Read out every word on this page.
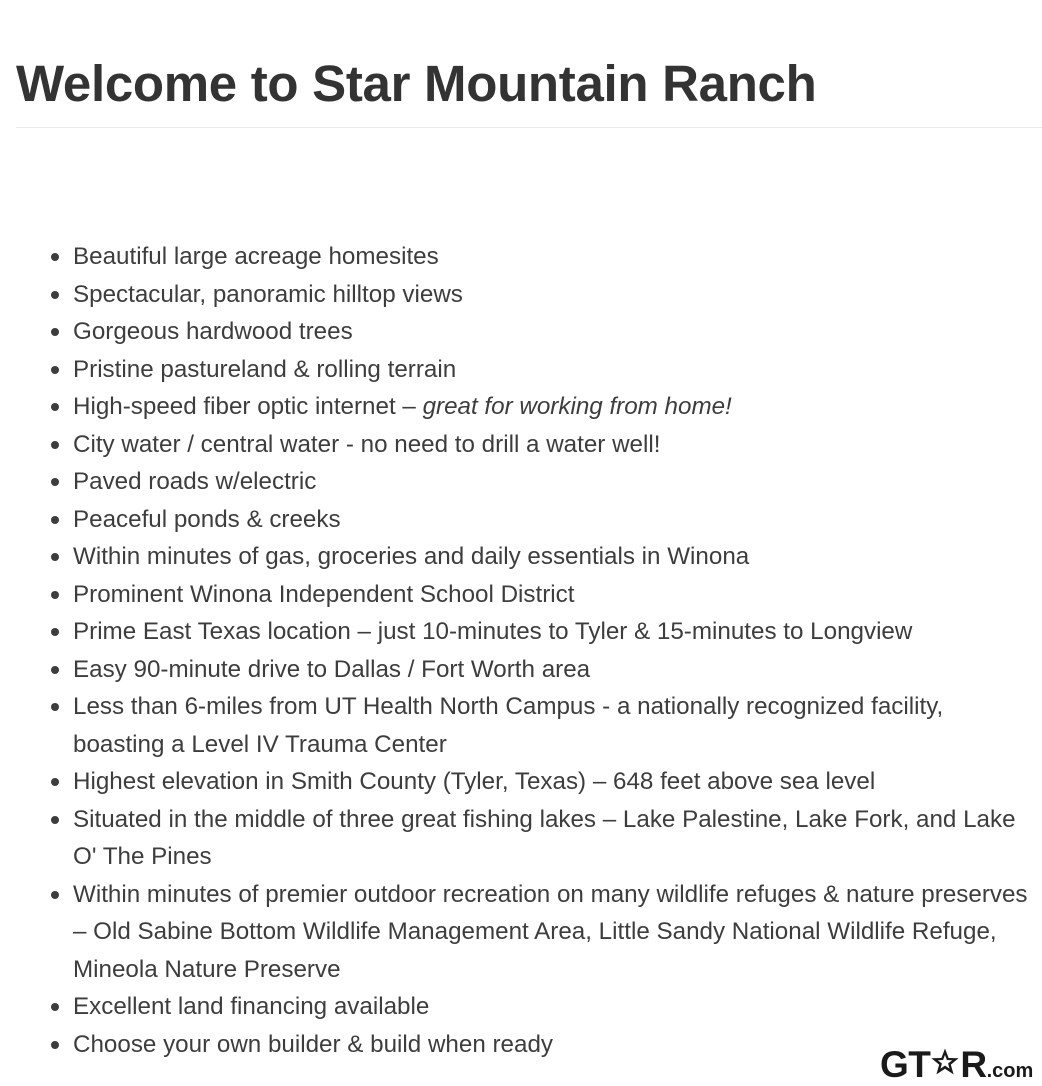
Welcome to Star Mountain Ranch
Beautiful large acreage homesites
Spectacular, panoramic hilltop views
Gorgeous hardwood trees
Pristine pastureland & rolling terrain
High-speed fiber optic internet – great for working from home!
City water / central water - no need to drill a water well!
Paved roads w/electric
Peaceful ponds & creeks
Within minutes of gas, groceries and daily essentials in Winona
Prominent Winona Independent School District
Prime East Texas location – just 10-minutes to Tyler & 15-minutes to Longview
Easy 90-minute drive to Dallas / Fort Worth area
Less than 6-miles from UT Health North Campus - a nationally recognized facility, boasting a Level IV Trauma Center
Highest elevation in Smith County (Tyler, Texas) – 648 feet above sea level
Situated in the middle of three great fishing lakes – Lake Palestine, Lake Fork, and Lake O' The Pines
Within minutes of premier outdoor recreation on many wildlife refuges & nature preserves – Old Sabine Bottom Wildlife Management Area, Little Sandy National Wildlife Refuge, Mineola Nature Preserve
Excellent land financing available
Choose your own builder & build when ready	GT R .com
